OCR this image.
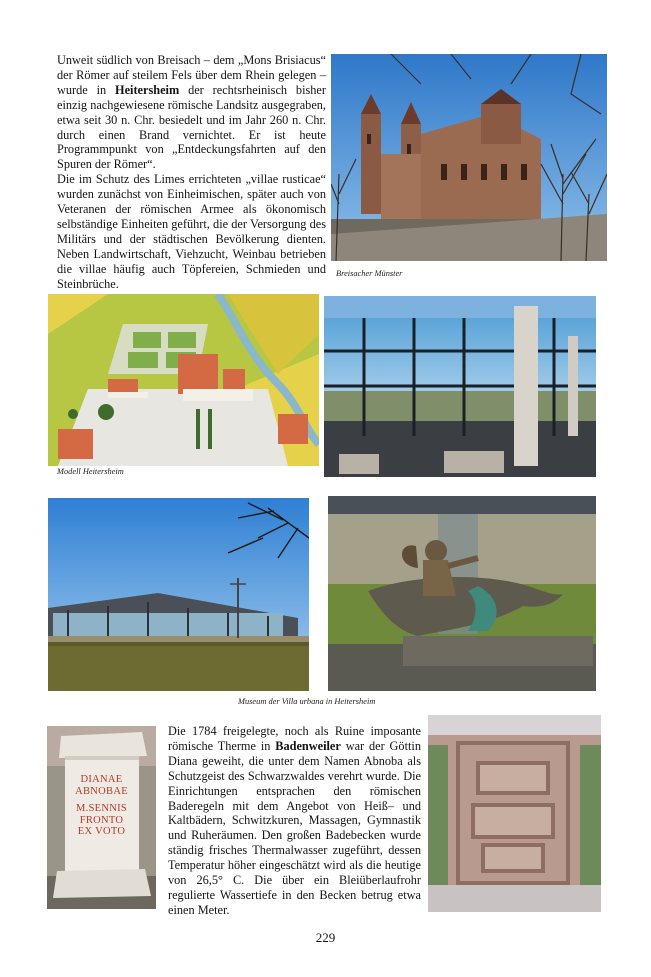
Unweit südlich von Breisach – dem „Mons Brisiacus“ der Römer auf steilem Fels über dem Rhein gelegen – wurde in Heitersheim der rechtsrheinisch bisher einzig nachgewiesene römische Landsitz ausgegraben, etwa seit 30 n. Chr. besiedelt und im Jahr 260 n. Chr. durch einen Brand vernichtet. Er ist heute Programmpunkt von „Entdeckungsfahrten auf den Spuren der Römer“.

Die im Schutz des Limes errichteten „villae rusticae“ wurden zunächst von Einheimischen, später auch von Veteranen der römischen Armee als ökonomisch selbständige Einheiten geführt, die der Versorgung des Militärs und der städtischen Bevölkerung dienten. Neben Landwirtschaft, Viehzucht, Weinbau betrieben die villae häufig auch Töpfereien, Schmieden und Steinbrüche.

Breisacher Münster
Modell Heitersheim
Museum der Villa urbana in Heitersheim
DIANAE
ABNOBAE
M.SENNIS
FRONTO
EX VOTO

Die 1784 freigelegte, noch als Ruine imposante römische Therme in Badenweiler war der Göttin Diana geweiht, die unter dem Namen Abnoba als Schutzgeist des Schwarzwaldes verehrt wurde. Die Einrichtungen entsprachen den römischen Baderegeln mit dem Angebot von Heiß– und Kaltbädern, Schwitzkuren, Massagen, Gymnastik und Ruheräumen. Den großen Badebecken wurde ständig frisches Thermalwasser zugeführt, dessen Temperatur höher eingeschätzt wird als die heutige von 26,5° C. Die über ein Bleiüberlaufrohr regulierte Wassertiefe in den Becken betrug etwa einen Meter.

229
